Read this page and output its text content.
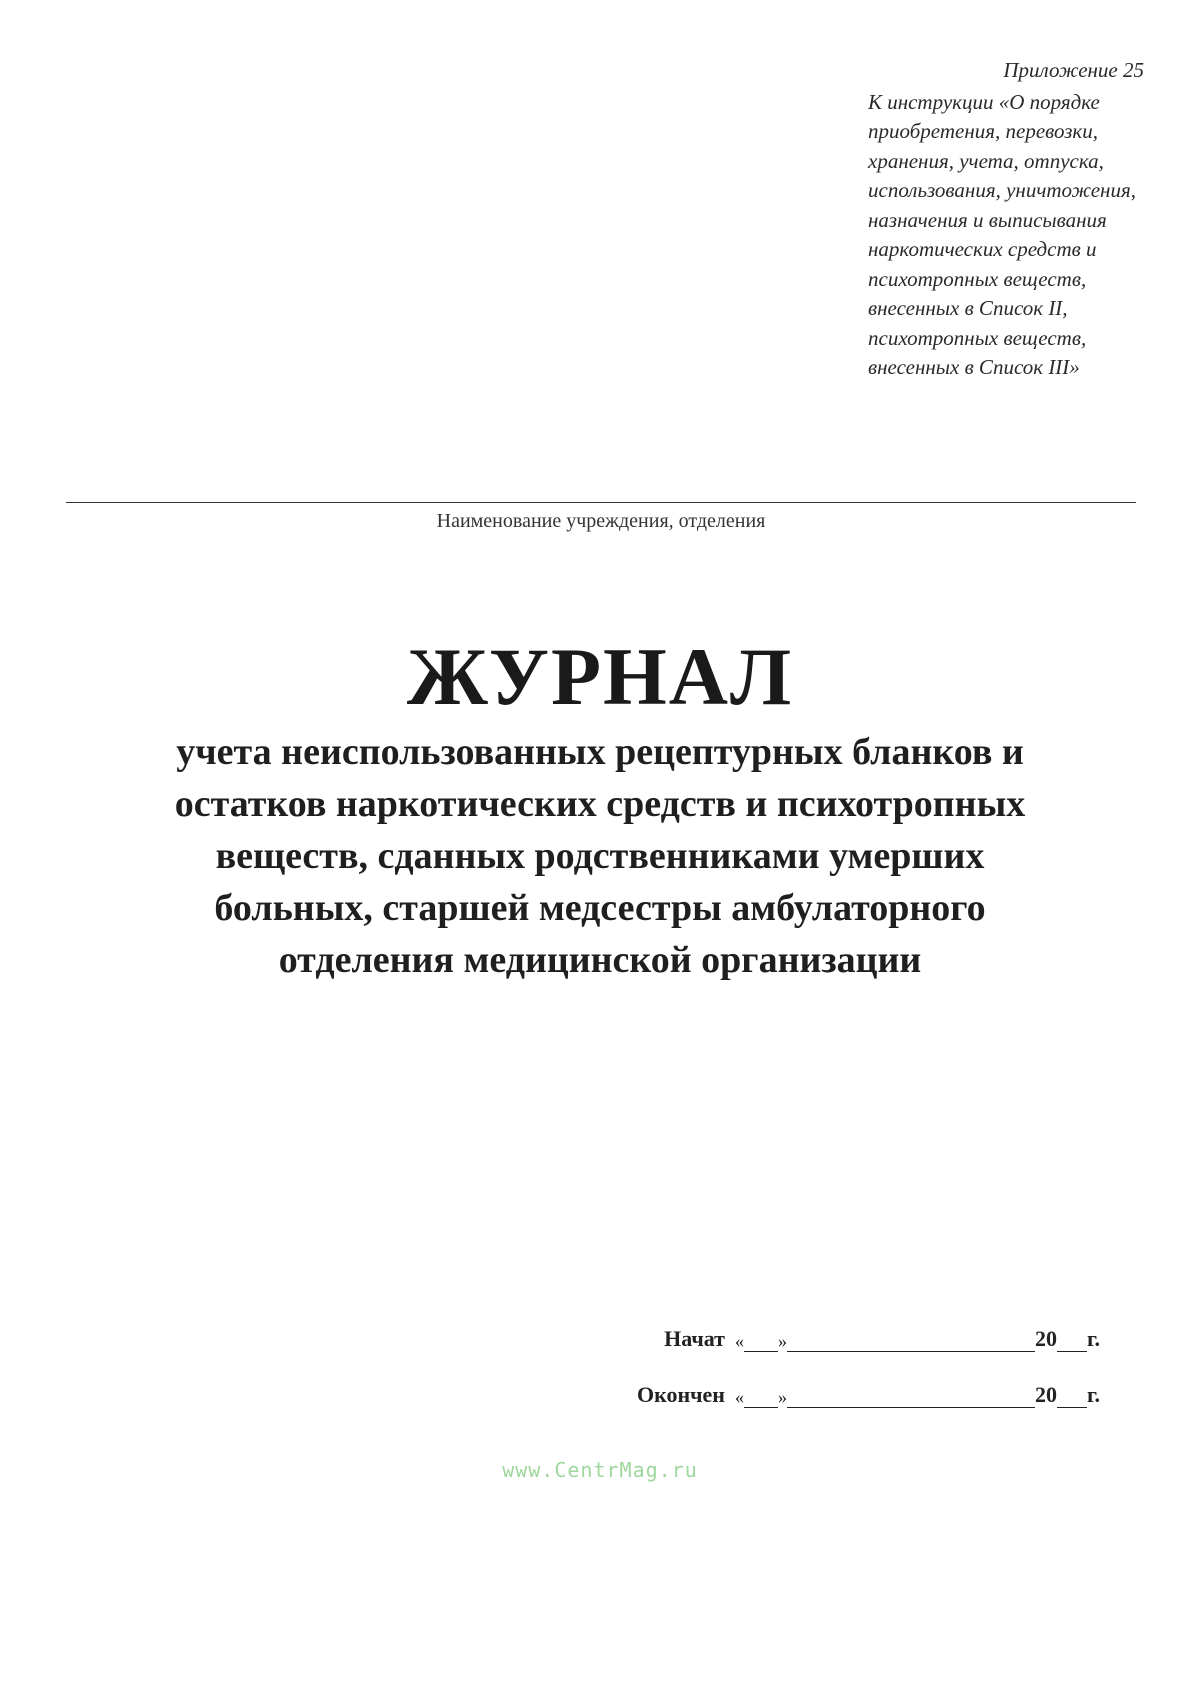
Приложение 25
К инструкции «О порядке
приобретения, перевозки,
хранения, учета, отпуска,
использования, уничтожения,
назначения и выписывания
наркотических средств и
психотропных веществ,
внесенных в Список II,
психотропных веществ,
внесенных в Список III»
Наименование учреждения, отделения
ЖУРНАЛ
учета неиспользованных рецептурных бланков и
остатков наркотических средств и психотропных
веществ, сданных родственниками умерших
больных, старшей медсестры амбулаторного
отделения медицинской организации
Начат « »	20 г.
Окончен « »	20 г.
www.CentrMag.ru
